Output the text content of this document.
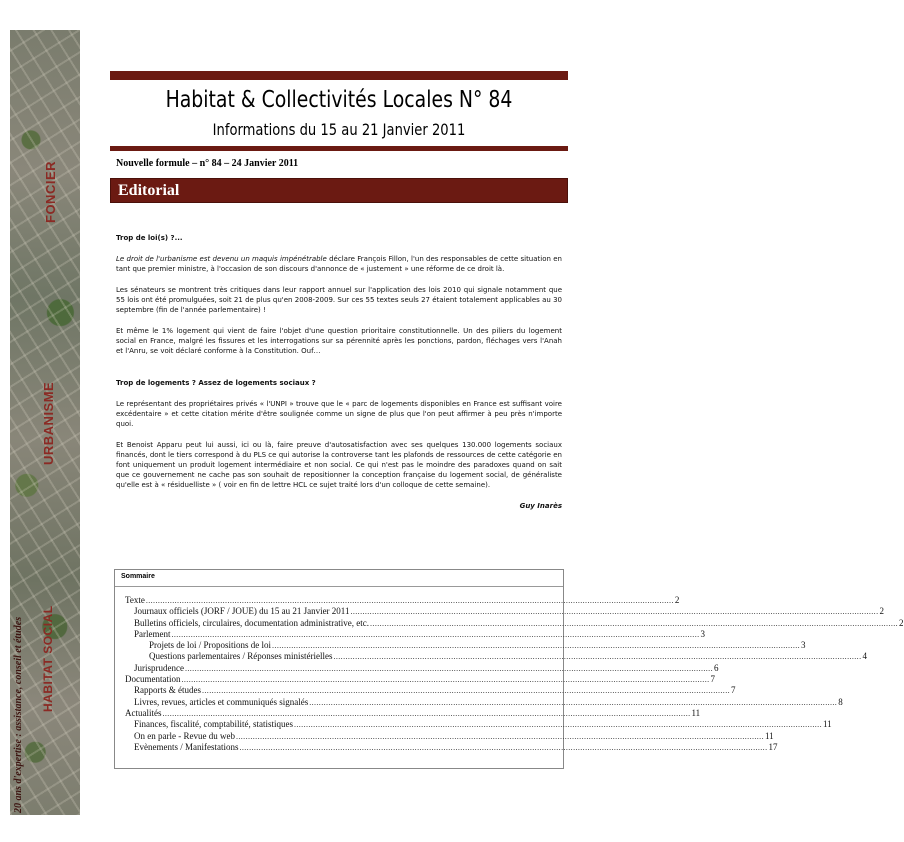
FONCIER
URBANISME
HABITAT SOCIAL
20 ans d'expertise : assistance, conseil et études
Habitat & Collectivités Locales N° 84
Informations du 15 au 21 Janvier 2011
Nouvelle formule – n° 84 – 24 Janvier 2011
Editorial

Trop de loi(s) ?...

Le droit de l'urbanisme est devenu un maquis impénétrable déclare François Fillon, l'un des responsables de cette situation en tant que premier ministre, à l'occasion de son discours d'annonce de « justement » une réforme de ce droit là.

Les sénateurs se montrent très critiques dans leur rapport annuel sur l'application des lois 2010 qui signale notamment que 55 lois ont été promulguées, soit 21 de plus qu'en 2008-2009. Sur ces 55 textes seuls 27 étaient totalement applicables au 30 septembre (fin de l'année parlementaire) !

Et même le 1% logement qui vient de faire l'objet d'une question prioritaire constitutionnelle. Un des piliers du logement social en France, malgré les fissures et les interrogations sur sa pérennité après les ponctions, pardon, fléchages vers l'Anah et l'Anru, se voit déclaré conforme à la Constitution. Ouf…

Trop de logements ? Assez de logements sociaux ?

Le représentant des propriétaires privés « l'UNPI » trouve que le « parc de logements disponibles en France est suffisant voire excédentaire » et cette citation mérite d'être soulignée comme un signe de plus que l'on peut affirmer à peu près n'importe quoi.

Et Benoist Apparu peut lui aussi, ici ou là, faire preuve d'autosatisfaction avec ses quelques 130.000 logements sociaux financés, dont le tiers correspond à du PLS ce qui autorise la controverse tant les plafonds de ressources de cette catégorie en font uniquement un produit logement intermédiaire et non social. Ce qui n'est pas le moindre des paradoxes quand on sait que ce gouvernement ne cache pas son souhait de repositionner la conception française du logement social, de généraliste qu'elle est à « résiduelliste » ( voir en fin de lettre HCL ce sujet traité lors d'un colloque de cette semaine).

Guy Inarès

Sommaire
Texte ............................................................................................................................................................................................................................ 2
Journaux officiels (JORF / JOUE) du 15 au 21 Janvier 2011 ............................................................................................................................................................................................................................ 2
Bulletins officiels, circulaires, documentation administrative, etc. ............................................................................................................................................................................................................................ 2
Parlement ............................................................................................................................................................................................................................ 3
Projets de loi / Propositions de loi ............................................................................................................................................................................................................................ 3
Questions parlementaires / Réponses ministérielles ............................................................................................................................................................................................................................ 4
Jurisprudence ............................................................................................................................................................................................................................ 6
Documentation ............................................................................................................................................................................................................................ 7
Rapports & études ............................................................................................................................................................................................................................ 7
Livres, revues, articles et communiqués signalés ............................................................................................................................................................................................................................ 8
Actualités ............................................................................................................................................................................................................................ 11
Finances, fiscalité, comptabilité, statistiques ............................................................................................................................................................................................................................ 11
On en parle - Revue du web ............................................................................................................................................................................................................................ 11
Evènements / Manifestations ............................................................................................................................................................................................................................ 17
